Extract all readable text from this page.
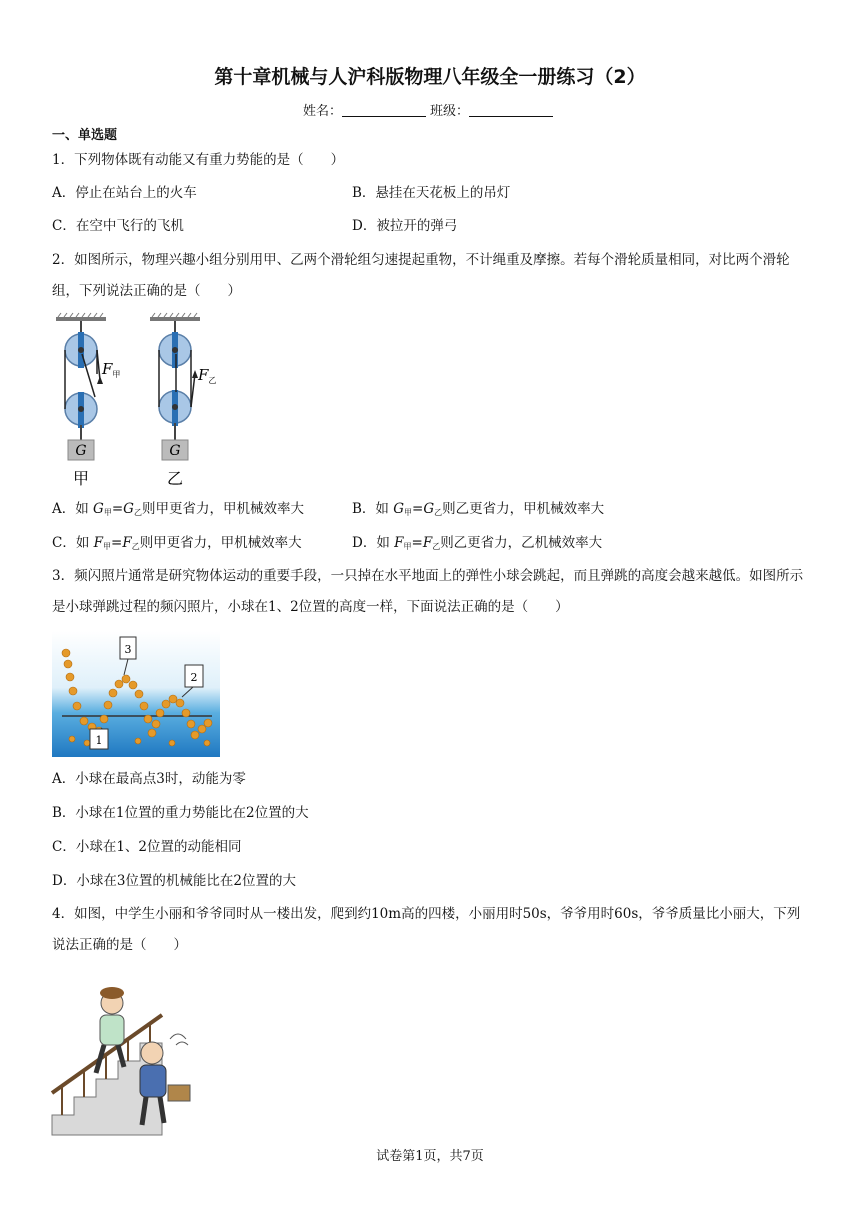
第十章机械与人沪科版物理八年级全一册练习（2）
姓名：	班级：
一、单选题
1．下列物体既有动能又有重力势能的是（　　）
A．停止在站台上的火车	B．悬挂在天花板上的吊灯
C．在空中飞行的飞机	D．被拉开的弹弓
2．如图所示，物理兴趣小组分别用甲、乙两个滑轮组匀速提起重物，不计绳重及摩擦。若每个滑轮质量相同，对比两个滑轮组，下列说法正确的是（　　）
$F_甲$
G
甲
$F_乙$
G
乙
A．如 $G_甲=G_乙$则甲更省力，甲机械效率大	B．如 $G_甲=G_乙$则乙更省力，甲机械效率大
C．如 $F_甲=F_乙$则甲更省力，甲机械效率大	D．如 $F_甲=F_乙$则乙更省力，乙机械效率大
3．频闪照片通常是研究物体运动的重要手段，一只掉在水平地面上的弹性小球会跳起，而且弹跳的高度会越来越低。如图所示是小球弹跳过程的频闪照片，小球在1、2位置的高度一样，下面说法正确的是（　　）
3
2
1
A．小球在最高点3时，动能为零
B．小球在1位置的重力势能比在2位置的大
C．小球在1、2位置的动能相同
D．小球在3位置的机械能比在2位置的大
4．如图，中学生小丽和爷爷同时从一楼出发，爬到约10m高的四楼，小丽用时50s，爷爷用时60s，爷爷质量比小丽大，下列说法正确的是（　　）
试卷第1页，共7页
